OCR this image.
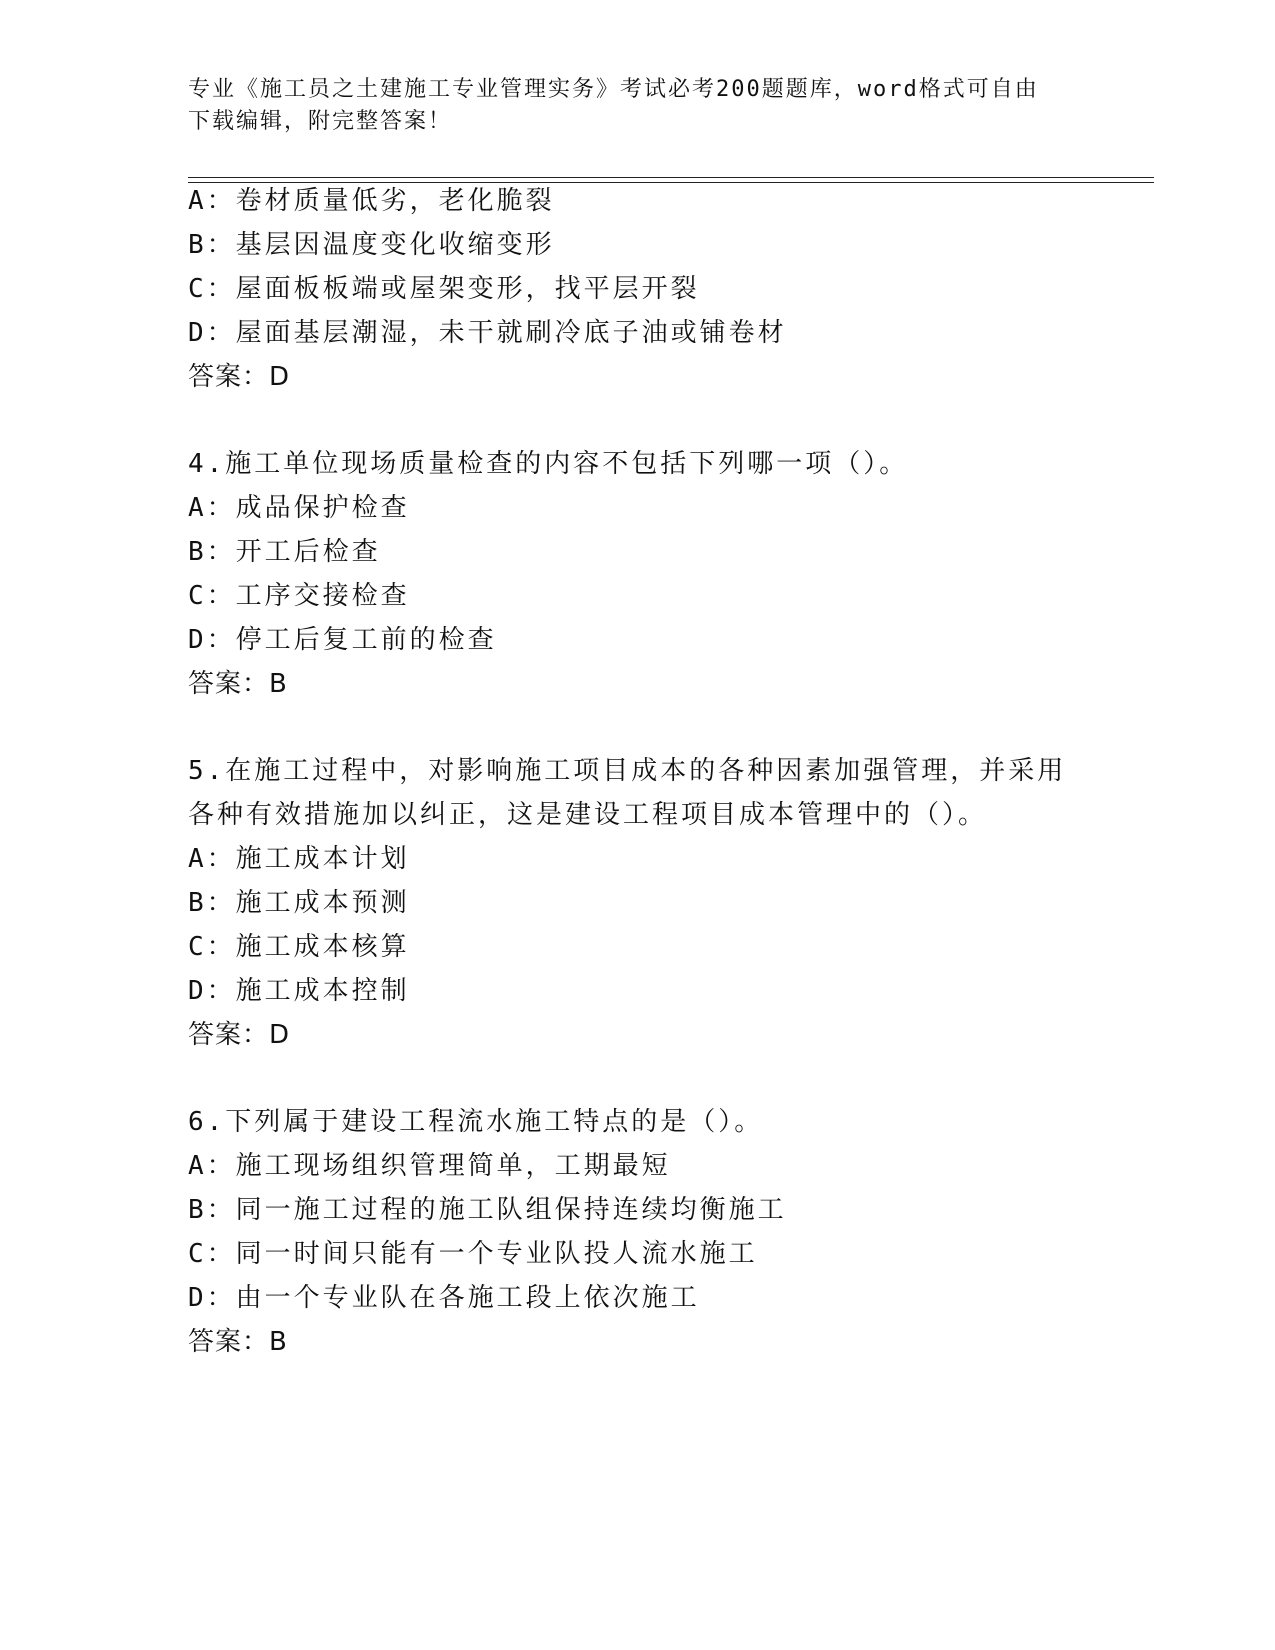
专业《施工员之土建施工专业管理实务》考试必考200题题库，word格式可自由
下载编辑，附完整答案！
A：卷材质量低劣，老化脆裂
B：基层因温度变化收缩变形
C：屋面板板端或屋架变形，找平层开裂
D：屋面基层潮湿，未干就刷冷底子油或铺卷材
答案：D
4.施工单位现场质量检查的内容不包括下列哪一项（）。
A：成品保护检查
B：开工后检查
C：工序交接检查
D：停工后复工前的检查
答案：B
5.在施工过程中，对影响施工项目成本的各种因素加强管理，并采用
各种有效措施加以纠正，这是建设工程项目成本管理中的（）。
A：施工成本计划
B：施工成本预测
C：施工成本核算
D：施工成本控制
答案：D
6.下列属于建设工程流水施工特点的是（）。
A：施工现场组织管理简单，工期最短
B：同一施工过程的施工队组保持连续均衡施工
C：同一时间只能有一个专业队投人流水施工
D：由一个专业队在各施工段上依次施工
答案：B
